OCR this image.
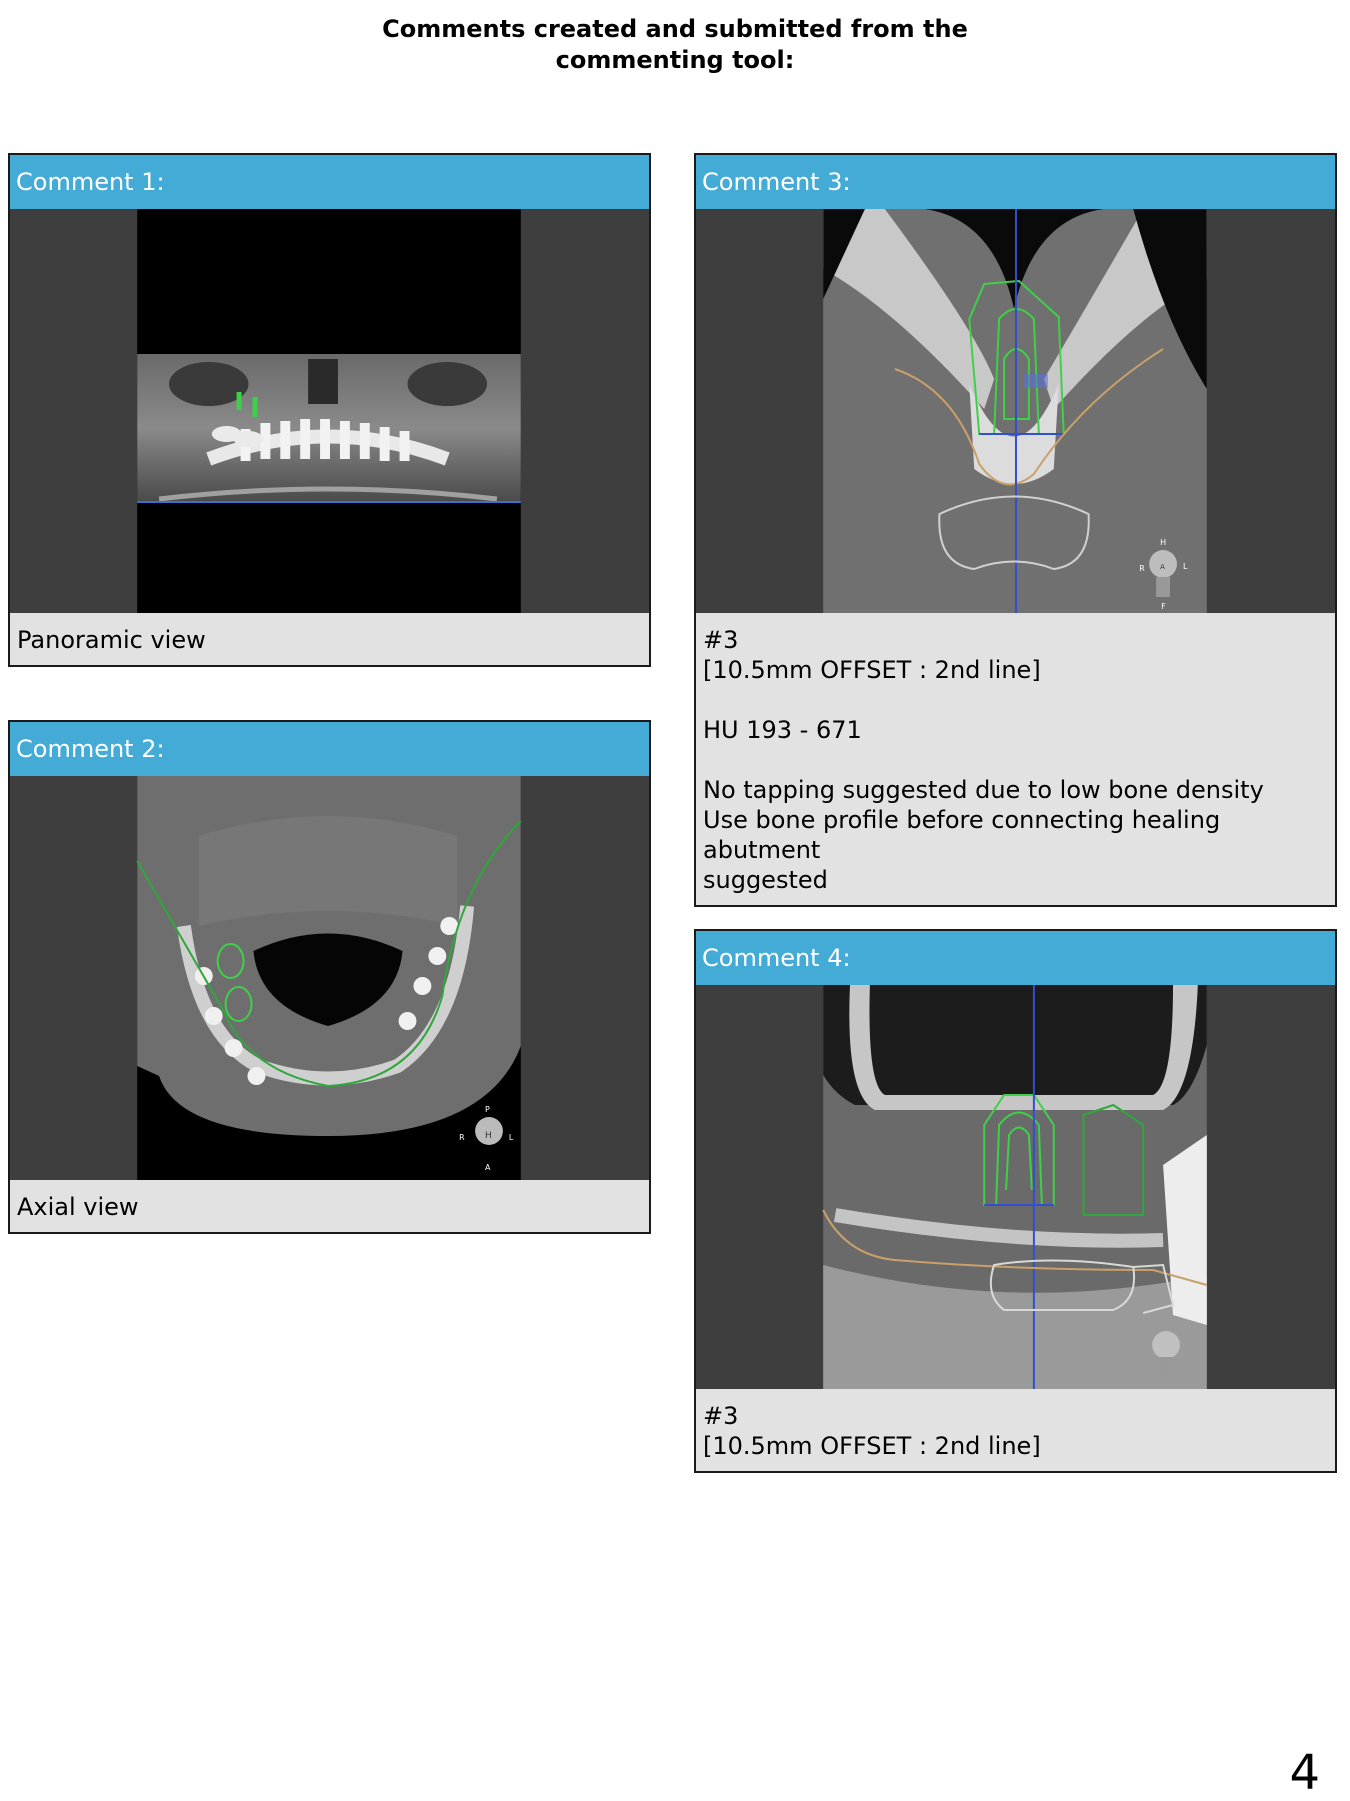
Comments created and submitted from the
commenting tool:
Comment 1:
Panoramic view
Comment 2:
P
R H L
A
Axial view
Comment 3:
H
R A L
F
#3
[10.5mm OFFSET : 2nd line]
HU 193 - 671
No tapping suggested due to low bone density
Use bone profile before connecting healing abutment
suggested
Comment 4:
#3
[10.5mm OFFSET : 2nd line]
4
